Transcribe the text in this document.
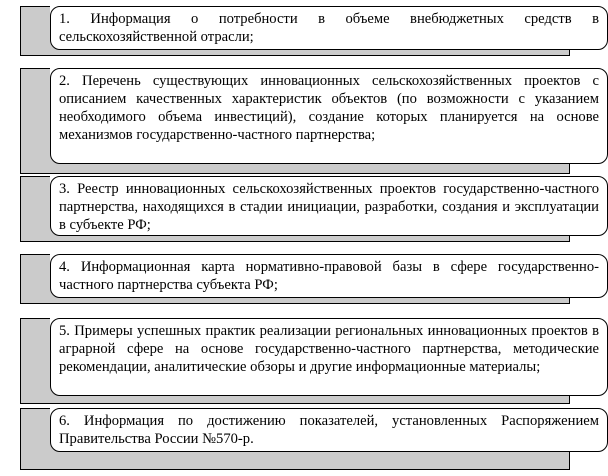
1. Информация о потребности в объеме внебюджетных средств в сельскохозяйственной отрасли;
2. Перечень существующих инновационных сельскохозяйственных проектов с описанием качественных характеристик объектов (по возможности с указанием необходимого объема инвестиций), создание которых планируется на основе механизмов государственно-частного партнерства;
3. Реестр инновационных сельскохозяйственных проектов государственно-частного партнерства, находящихся в стадии инициации, разработки, создания и эксплуатации в субъекте РФ;
4. Информационная карта нормативно-правовой базы в сфере государственно-частного партнерства субъекта РФ;
5. Примеры успешных практик реализации региональных инновационных проектов в аграрной сфере на основе государственно-частного партнерства, методические рекомендации, аналитические обзоры и другие информационные материалы;
6. Информация по достижению показателей, установленных Распоряжением Правительства России №570-р.
